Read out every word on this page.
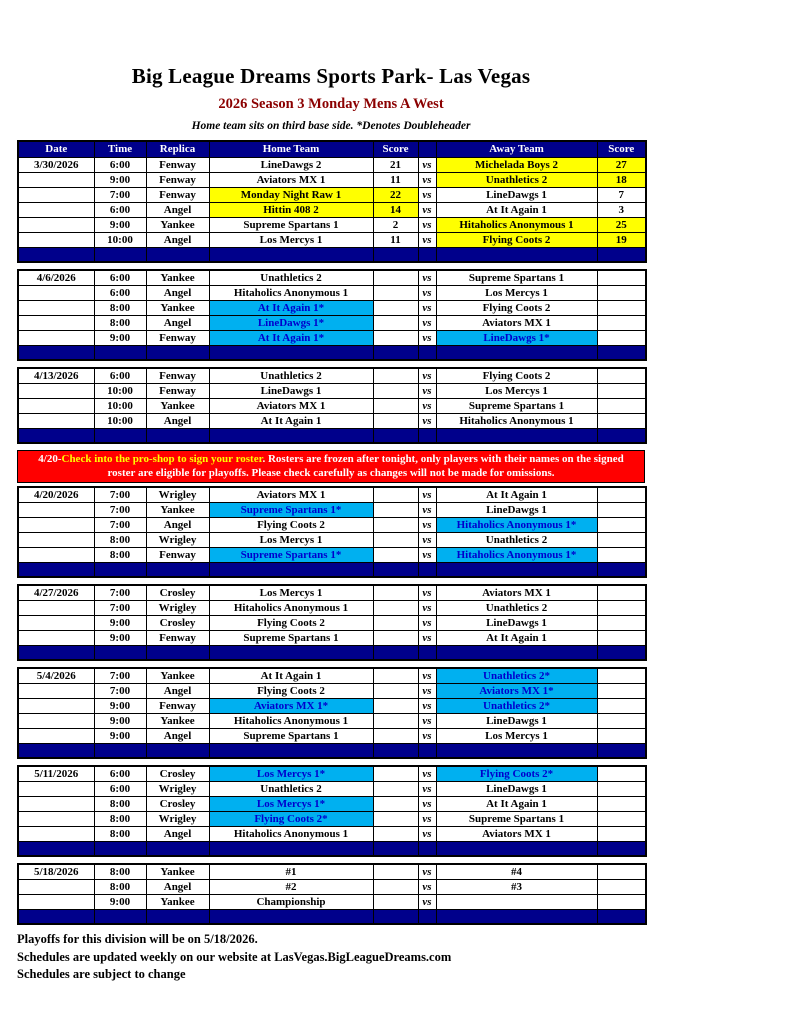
Big League Dreams Sports Park- Las Vegas
2026 Season 3 Monday Mens A West
Home team sits on third base side. *Denotes Doubleheader
Date	Time	Replica	Home Team	Score		Away Team	Score
3/30/2026	6:00	Fenway	LineDawgs 2	21	vs	Michelada Boys 2	27
	9:00	Fenway	Aviators MX 1	11	vs	Unathletics 2	18
	7:00	Fenway	Monday Night Raw 1	22	vs	LineDawgs 1	7
	6:00	Angel	Hittin 408 2	14	vs	At It Again 1	3
	9:00	Yankee	Supreme Spartans 1	2	vs	Hitaholics Anonymous 1	25
	10:00	Angel	Los Mercys 1	11	vs	Flying Coots 2	19

4/6/2026	6:00	Yankee	Unathletics 2		vs	Supreme Spartans 1	
	6:00	Angel	Hitaholics Anonymous 1		vs	Los Mercys 1	
	8:00	Yankee	At It Again 1*		vs	Flying Coots 2	
	8:00	Angel	LineDawgs 1*		vs	Aviators MX 1	
	9:00	Fenway	At It Again 1*		vs	LineDawgs 1*	

4/13/2026	6:00	Fenway	Unathletics 2		vs	Flying Coots 2	
	10:00	Fenway	LineDawgs 1		vs	Los Mercys 1	
	10:00	Yankee	Aviators MX 1		vs	Supreme Spartans 1	
	10:00	Angel	At It Again 1		vs	Hitaholics Anonymous 1	

4/20-Check into the pro-shop to sign your roster. Rosters are frozen after tonight, only players with their names on the signed roster are eligible for playoffs. Please check carefully as changes will not be made for omissions.
4/20/2026	7:00	Wrigley	Aviators MX 1		vs	At It Again 1	
	7:00	Yankee	Supreme Spartans 1*		vs	LineDawgs 1	
	7:00	Angel	Flying Coots 2		vs	Hitaholics Anonymous 1*	
	8:00	Wrigley	Los Mercys 1		vs	Unathletics 2	
	8:00	Fenway	Supreme Spartans 1*		vs	Hitaholics Anonymous 1*	

4/27/2026	7:00	Crosley	Los Mercys 1		vs	Aviators MX 1	
	7:00	Wrigley	Hitaholics Anonymous 1		vs	Unathletics 2	
	9:00	Crosley	Flying Coots 2		vs	LineDawgs 1	
	9:00	Fenway	Supreme Spartans 1		vs	At It Again 1	

5/4/2026	7:00	Yankee	At It Again 1		vs	Unathletics 2*	
	7:00	Angel	Flying Coots 2		vs	Aviators MX 1*	
	9:00	Fenway	Aviators MX 1*		vs	Unathletics 2*	
	9:00	Yankee	Hitaholics Anonymous 1		vs	LineDawgs 1	
	9:00	Angel	Supreme Spartans 1		vs	Los Mercys 1	

5/11/2026	6:00	Crosley	Los Mercys 1*		vs	Flying Coots 2*	
	6:00	Wrigley	Unathletics 2		vs	LineDawgs 1	
	8:00	Crosley	Los Mercys 1*		vs	At It Again 1	
	8:00	Wrigley	Flying Coots 2*		vs	Supreme Spartans 1	
	8:00	Angel	Hitaholics Anonymous 1		vs	Aviators MX 1	

5/18/2026	8:00	Yankee	#1		vs	#4	
	8:00	Angel	#2		vs	#3	
	9:00	Yankee	Championship		vs		

Playoffs for this division will be on 5/18/2026.
Schedules are updated weekly on our website at LasVegas.BigLeagueDreams.com
Schedules are subject to change
